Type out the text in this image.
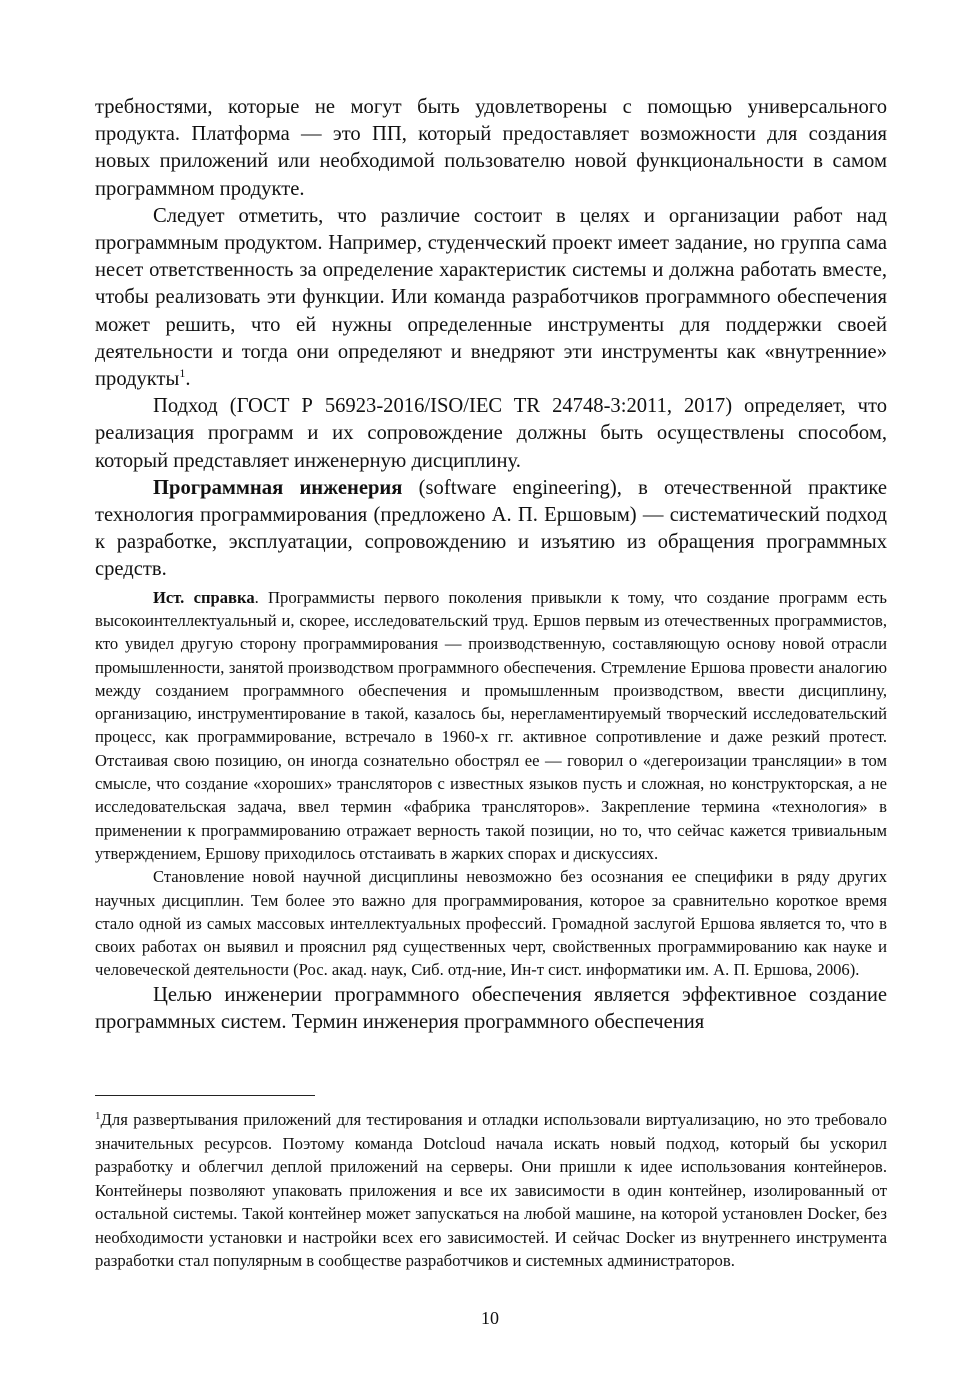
требностями, которые не могут быть удовлетворены с помощью универсального продукта. Платформа — это ПП, который предоставляет возможности для создания новых приложений или необходимой пользователю новой функциональности в самом программном продукте.

Следует отметить, что различие состоит в целях и организации работ над программным продуктом. Например, студенческий проект имеет задание, но группа сама несет ответственность за определение характеристик системы и должна работать вместе, чтобы реализовать эти функции. Или команда разработчиков программного обеспечения может решить, что ей нужны определенные инструменты для поддержки своей деятельности и тогда они определяют и внедряют эти инструменты как «внутренние» продукты$^1$.

Подход (ГОСТ Р 56923-2016/ISO/IEC TR 24748-3:2011, 2017) определяет, что реализация программ и их сопровождение должны быть осуществлены способом, который представляет инженерную дисциплину.

Программная инженерия (software engineering), в отечественной практике технология программирования (предложено А. П. Ершовым) — систематический подход к разработке, эксплуатации, сопровождению и изъятию из обращения программных средств.

Ист. справка. Программисты первого поколения привыкли к тому, что создание программ есть высокоинтеллектуальный и, скорее, исследовательский труд. Ершов первым из отечественных программистов, кто увидел другую сторону программирования — производственную, составляющую основу новой отрасли промышленности, занятой производством программного обеспечения. Стремление Ершова провести аналогию между созданием программного обеспечения и промышленным производством, ввести дисциплину, организацию, инструментирование в такой, казалось бы, нерегламентируемый творческий исследовательский процесс, как программирование, встречало в 1960-х гг. активное сопротивление и даже резкий протест. Отстаивая свою позицию, он иногда сознательно обострял ее — говорил о «дегероизации трансляции» в том смысле, что создание «хороших» трансляторов с известных языков пусть и сложная, но конструкторская, а не исследовательская задача, ввел термин «фабрика трансляторов». Закрепление термина «технология» в применении к программированию отражает верность такой позиции, но то, что сейчас кажется тривиальным утверждением, Ершову приходилось отстаивать в жарких спорах и дискуссиях.

Становление новой научной дисциплины невозможно без осознания ее специфики в ряду других научных дисциплин. Тем более это важно для программирования, которое за сравнительно короткое время стало одной из самых массовых интеллектуальных профессий. Громадной заслугой Ершова является то, что в своих работах он выявил и прояснил ряд существенных черт, свойственных программированию как науке и человеческой деятельности (Рос. акад. наук, Сиб. отд-ние, Ин-т сист. информатики им. А. П. Ершова, 2006).

Целью инженерии программного обеспечения является эффективное создание программных систем. Термин инженерия программного обеспечения

$^1$Для развертывания приложений для тестирования и отладки использовали виртуализацию, но это требовало значительных ресурсов. Поэтому команда Dotcloud начала искать новый подход, который бы ускорил разработку и облегчил деплой приложений на серверы. Они пришли к идее использования контейнеров. Контейнеры позволяют упаковать приложения и все их зависимости в один контейнер, изолированный от остальной системы. Такой контейнер может запускаться на любой машине, на которой установлен Docker, без необходимости установки и настройки всех его зависимостей. И сейчас Docker из внутреннего инструмента разработки стал популярным в сообществе разработчиков и системных администраторов.
10
